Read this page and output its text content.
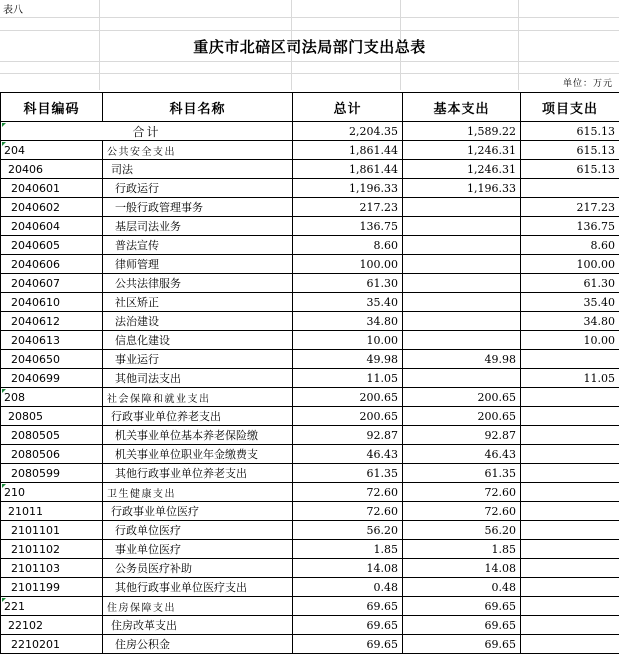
表八
重庆市北碚区司法局部门支出总表
单位：万元
科目编码	科目名称	总计	基本支出	项目支出
合计		2,204.35	1,589.22	615.13
204	公共安全支出	1,861.44	1,246.31	615.13
20406	司法	1,861.44	1,246.31	615.13
2040601	行政运行	1,196.33	1,196.33	
2040602	一般行政管理事务	217.23		217.23
2040604	基层司法业务	136.75		136.75
2040605	普法宣传	8.60		8.60
2040606	律师管理	100.00		100.00
2040607	公共法律服务	61.30		61.30
2040610	社区矫正	35.40		35.40
2040612	法治建设	34.80		34.80
2040613	信息化建设	10.00		10.00
2040650	事业运行	49.98	49.98	
2040699	其他司法支出	11.05		11.05
208	社会保障和就业支出	200.65	200.65	
20805	行政事业单位养老支出	200.65	200.65	
2080505	机关事业单位基本养老保险缴	92.87	92.87	
2080506	机关事业单位职业年金缴费支	46.43	46.43	
2080599	其他行政事业单位养老支出	61.35	61.35	
210	卫生健康支出	72.60	72.60	
21011	行政事业单位医疗	72.60	72.60	
2101101	行政单位医疗	56.20	56.20	
2101102	事业单位医疗	1.85	1.85	
2101103	公务员医疗补助	14.08	14.08	
2101199	其他行政事业单位医疗支出	0.48	0.48	
221	住房保障支出	69.65	69.65	
22102	住房改革支出	69.65	69.65	
2210201	住房公积金	69.65	69.65	
